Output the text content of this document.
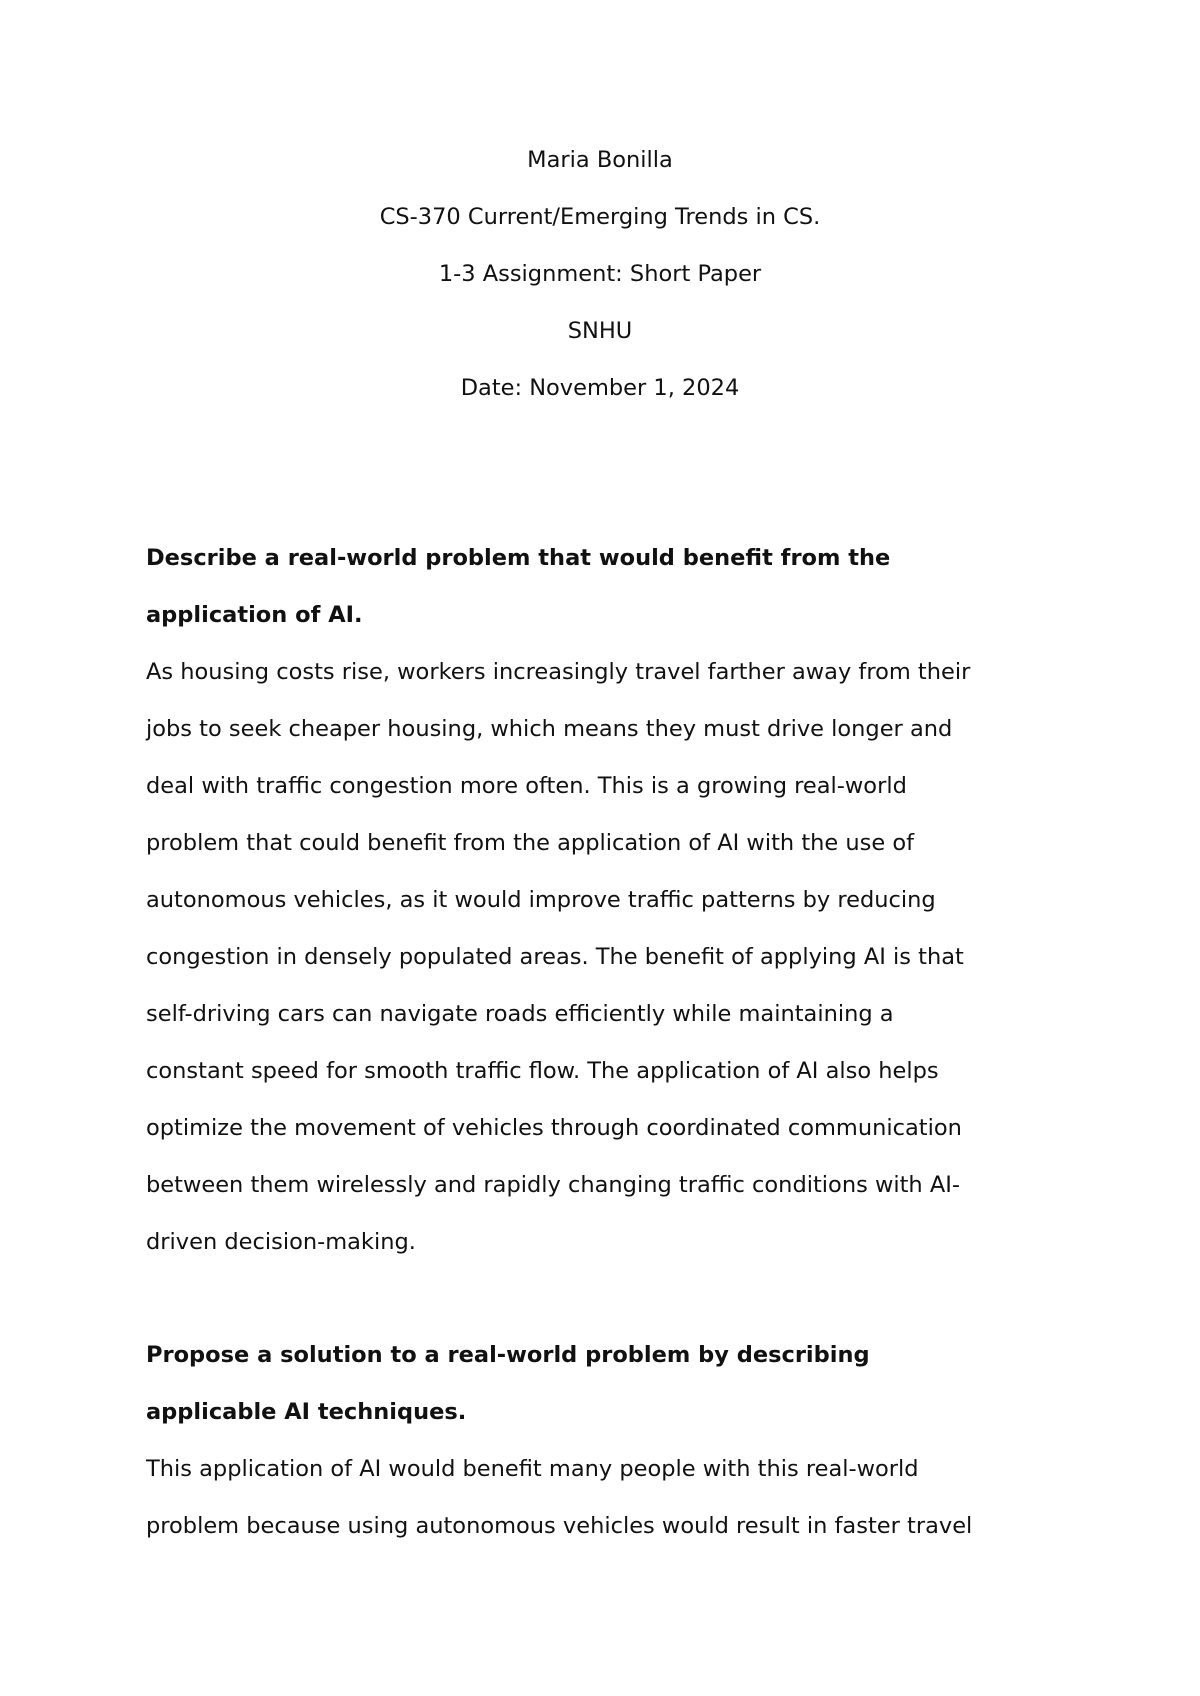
Maria Bonilla
CS-370 Current/Emerging Trends in CS.
1-3 Assignment: Short Paper
SNHU
Date: November 1, 2024
Describe a real-world problem that would benefit from the
application of AI.
As housing costs rise, workers increasingly travel farther away from their
jobs to seek cheaper housing, which means they must drive longer and
deal with traffic congestion more often. This is a growing real-world
problem that could benefit from the application of AI with the use of
autonomous vehicles, as it would improve traffic patterns by reducing
congestion in densely populated areas. The benefit of applying AI is that
self-driving cars can navigate roads efficiently while maintaining a
constant speed for smooth traffic flow. The application of AI also helps
optimize the movement of vehicles through coordinated communication
between them wirelessly and rapidly changing traffic conditions with AI-
driven decision-making.
Propose a solution to a real-world problem by describing
applicable AI techniques.
This application of AI would benefit many people with this real-world
problem because using autonomous vehicles would result in faster travel
